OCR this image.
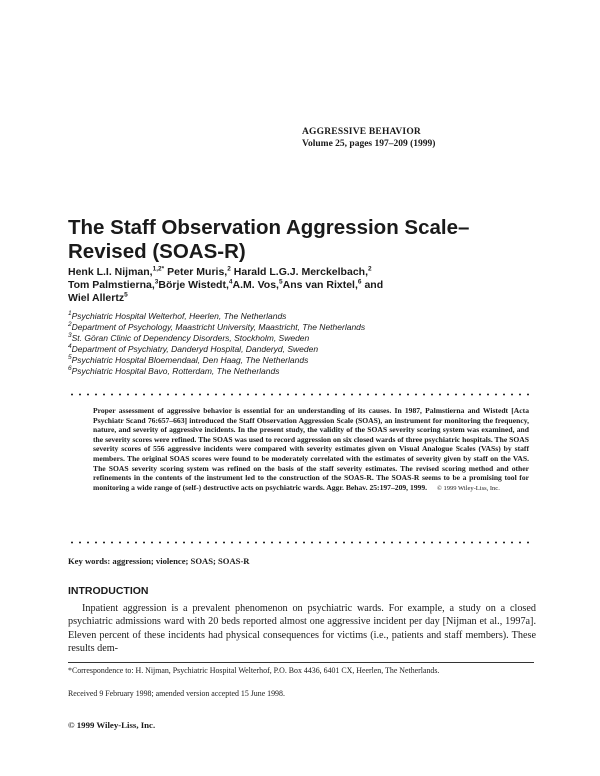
AGGRESSIVE BEHAVIOR
Volume 25, pages 197–209 (1999)
The Staff Observation Aggression Scale–
Revised (SOAS-R)
Henk L.I. Nijman,$^{1,2*}$ Peter Muris,$^2$ Harald L.G.J. Merckelbach,$^2$
Tom Palmstierna,$^3$Börje Wistedt,$^4$A.M. Vos,$^5$Ans van Rixtel,$^6$ and
Wiel Allertz$^5$
$^1$Psychiatric Hospital Welterhof, Heerlen, The Netherlands
$^2$Department of Psychology, Maastricht University, Maastricht, The Netherlands
$^3$St. Göran Clinic of Dependency Disorders, Stockholm, Sweden
$^4$Department of Psychiatry, Danderyd Hospital, Danderyd, Sweden
$^5$Psychiatric Hospital Bloemendaal, Den Haag, The Netherlands
$^6$Psychiatric Hospital Bavo, Rotterdam, The Netherlands
Proper assessment of aggressive behavior is essential for an understanding of its causes. In 1987, Palmstierna and Wistedt [Acta Psychiatr Scand 76:657–663] introduced the Staff Observation Aggression Scale (SOAS), an instrument for monitoring the frequency, nature, and severity of aggressive incidents. In the present study, the validity of the SOAS severity scoring system was examined, and the severity scores were refined. The SOAS was used to record aggression on six closed wards of three psychiatric hospitals. The SOAS severity scores of 556 aggressive incidents were compared with severity estimates given on Visual Analogue Scales (VASs) by staff members. The original SOAS scores were found to be moderately correlated with the estimates of severity given by staff on the VAS. The SOAS severity scoring system was refined on the basis of the staff severity estimates. The revised scoring method and other refinements in the contents of the instrument led to the construction of the SOAS-R. The SOAS-R seems to be a promising tool for monitoring a wide range of (self-) destructive acts on psychiatric wards. Aggr. Behav. 25:197–209, 1999. © 1999 Wiley-Liss, Inc.
Key words: aggression; violence; SOAS; SOAS-R
INTRODUCTION

Inpatient aggression is a prevalent phenomenon on psychiatric wards. For example, a study on a closed psychiatric admissions ward with 20 beds reported almost one aggressive incident per day [Nijman et al., 1997a]. Eleven percent of these incidents had physical consequences for victims (i.e., patients and staff members). These results dem-

*Correspondence to: H. Nijman, Psychiatric Hospital Welterhof, P.O. Box 4436, 6401 CX, Heerlen, The Netherlands.
Received 9 February 1998; amended version accepted 15 June 1998.
© 1999 Wiley-Liss, Inc.
